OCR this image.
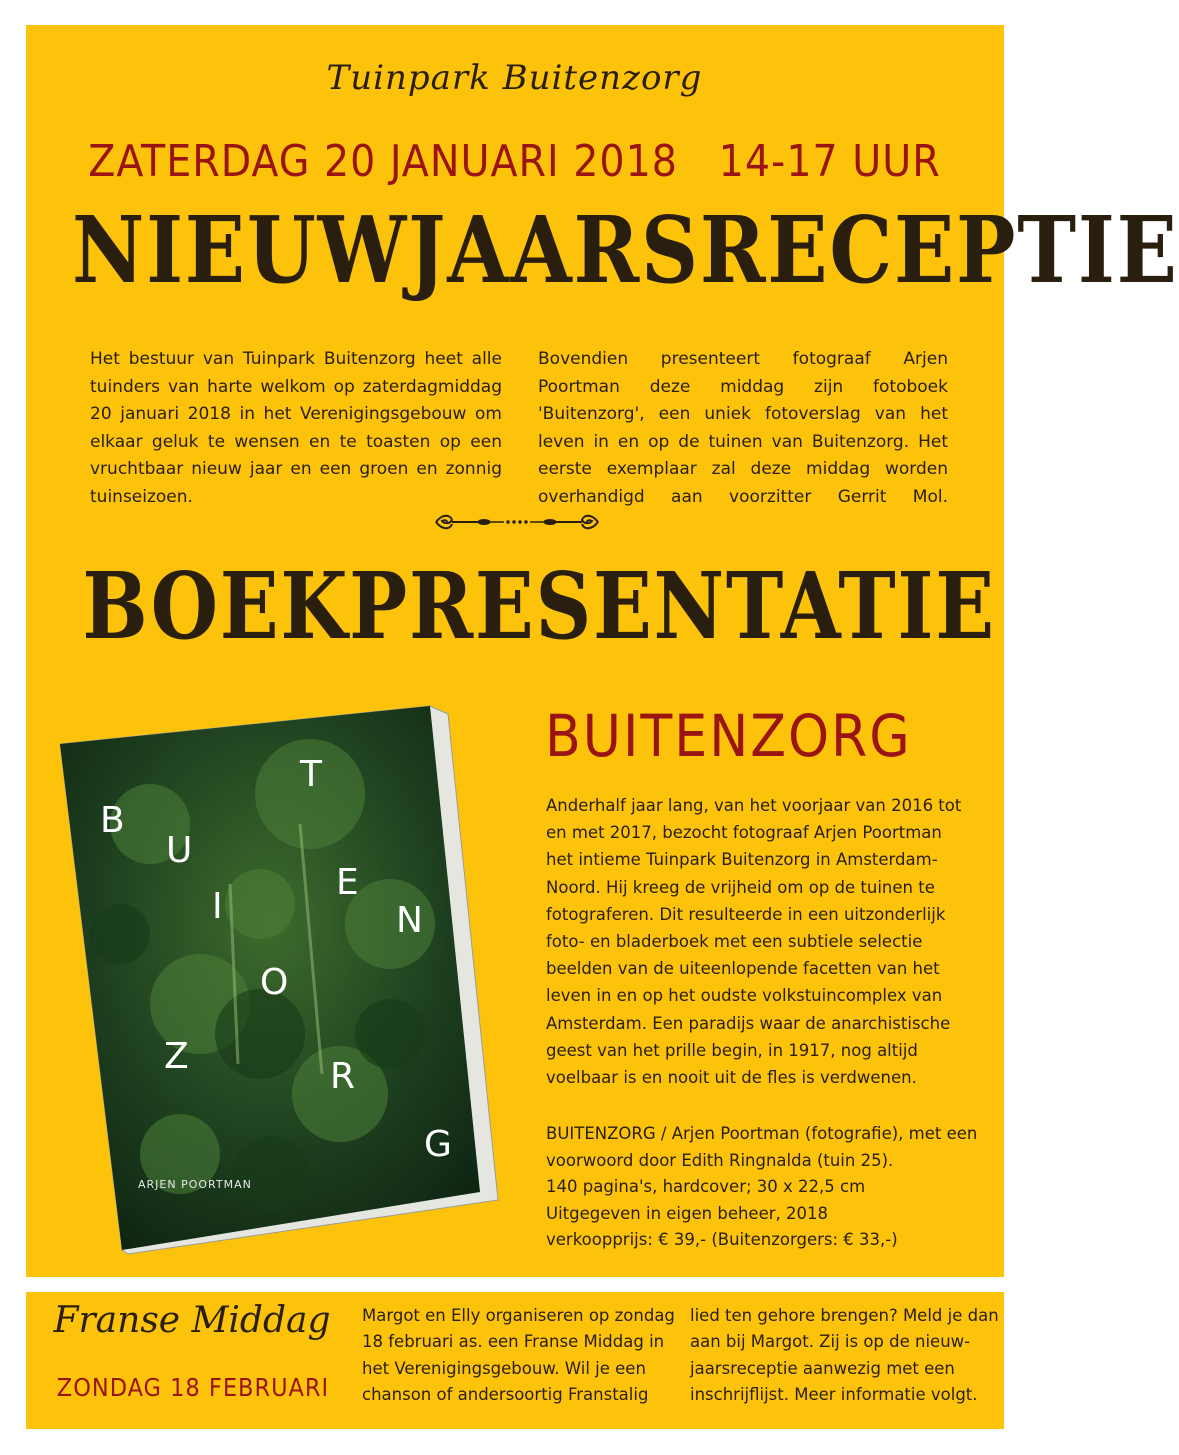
Tuinpark Buitenzorg
ZATERDAG 20 JANUARI 2018   14-17 UUR
NIEUWJAARSRECEPTIE
Het bestuur van Tuinpark Buitenzorg heet alle tuinders van harte welkom op zaterdagmiddag 20 januari 2018 in het Verenigingsgebouw om elkaar geluk te wensen en te toasten op een vruchtbaar nieuw jaar en een groen en zonnig tuinseizoen.
Bovendien presenteert fotograaf Arjen Poortman deze middag zijn fotoboek 'Buitenzorg', een uniek fotoverslag van het leven in en op de tuinen van Buitenzorg. Het eerste exemplaar zal deze middag worden overhandigd aan voorzitter Gerrit Mol.
BOEKPRESENTATIE
B
U
I
T
E
N
Z
O
R
G
ARJEN POORTMAN
BUITENZORG

Anderhalf jaar lang, van het voorjaar van 2016 tot

en met 2017, bezocht fotograaf Arjen Poortman

het intieme Tuinpark Buitenzorg in Amsterdam-

Noord. Hij kreeg de vrijheid om op de tuinen te

fotograferen. Dit resulteerde in een uitzonderlijk

foto- en bladerboek met een subtiele selectie

beelden van de uiteenlopende facetten van het

leven in en op het oudste volkstuincomplex van

Amsterdam. Een paradijs waar de anarchistische

geest van het prille begin, in 1917, nog altijd

voelbaar is en nooit uit de fles is verdwenen.

BUITENZORG / Arjen Poortman (fotografie), met een

voorwoord door Edith Ringnalda (tuin 25).

140 pagina's, hardcover; 30 x 22,5 cm

Uitgegeven in eigen beheer, 2018

verkoopprijs: € 39,- (Buitenzorgers: € 33,-)

Franse Middag
ZONDAG 18 FEBRUARI

Margot en Elly organiseren op zondag

18 februari as. een Franse Middag in

het Verenigingsgebouw. Wil je een

chanson of andersoortig Franstalig

lied ten gehore brengen? Meld je dan

aan bij Margot. Zij is op de nieuw-

jaarsreceptie aanwezig met een

inschrijflijst. Meer informatie volgt.
